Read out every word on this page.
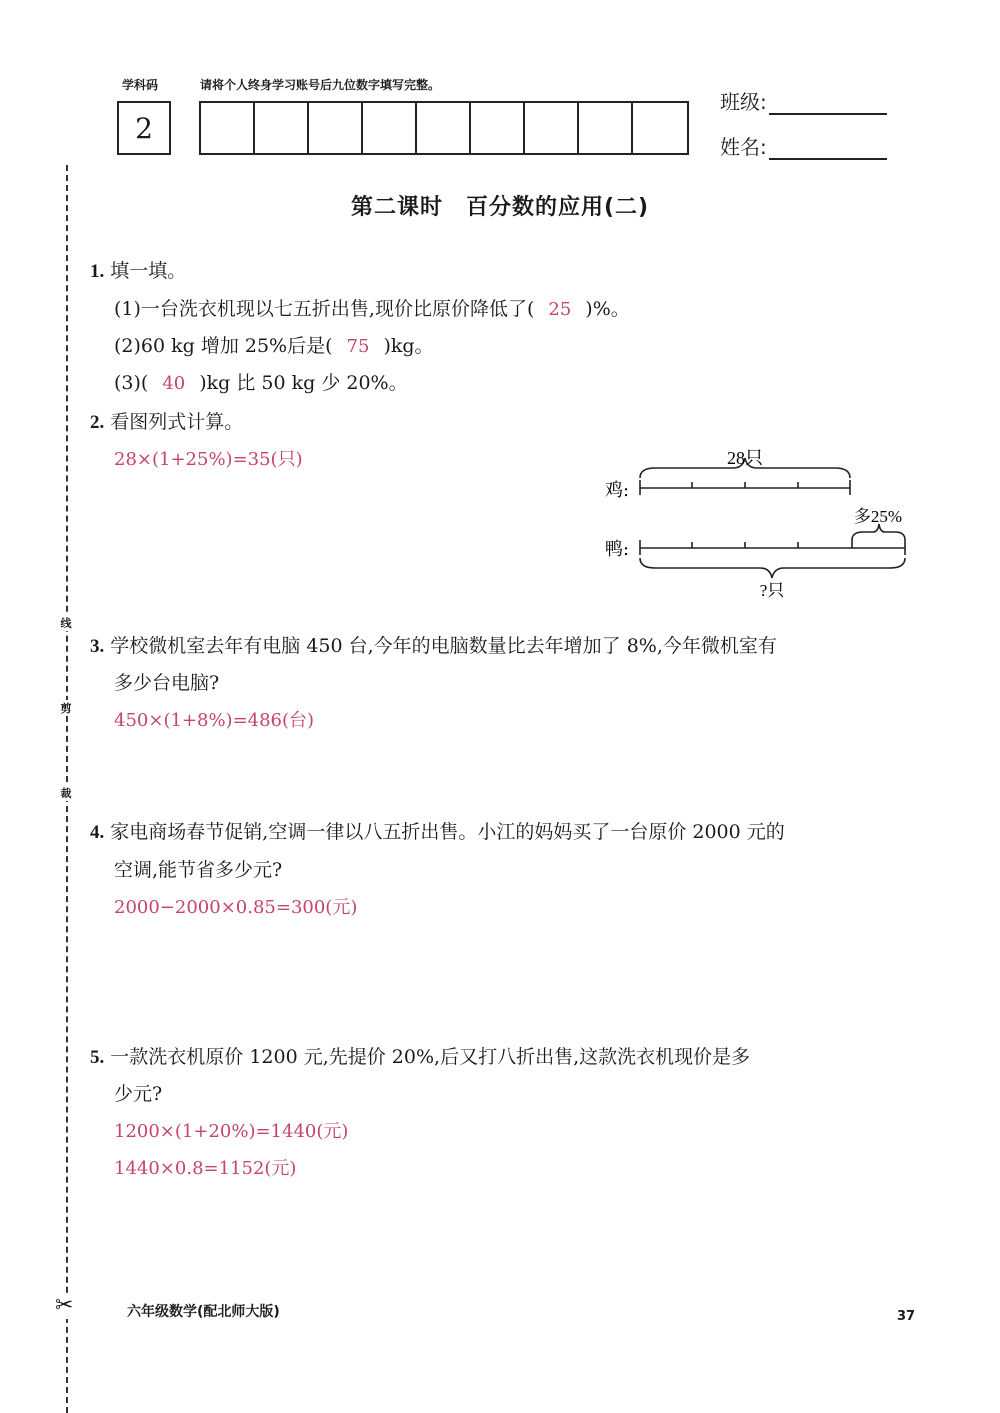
学科码	请将个人终身学习账号后九位数字填写完整。
2
班级:
姓名:
线
剪
裁
✂
第二课时　百分数的应用(二)
1. 填一填。
(1)一台洗衣机现以七五折出售,现价比原价降低了( 25 )%。
(2)60 kg 增加 25%后是( 75 )kg。
(3)( 40 )kg 比 50 kg 少 20%。
2. 看图列式计算。
28×(1+25%)=35(只)	28只
鸡:
多25%
鸭:
?只
3. 学校微机室去年有电脑 450 台,今年的电脑数量比去年增加了 8%,今年微机室有
多少台电脑?
450×(1+8%)=486(台)
4. 家电商场春节促销,空调一律以八五折出售。小江的妈妈买了一台原价 2000 元的
空调,能节省多少元?
2000−2000×0.85=300(元)
5. 一款洗衣机原价 1200 元,先提价 20%,后又打八折出售,这款洗衣机现价是多
少元?
1200×(1+20%)=1440(元)
1440×0.8=1152(元)
六年级数学(配北师大版)	37
